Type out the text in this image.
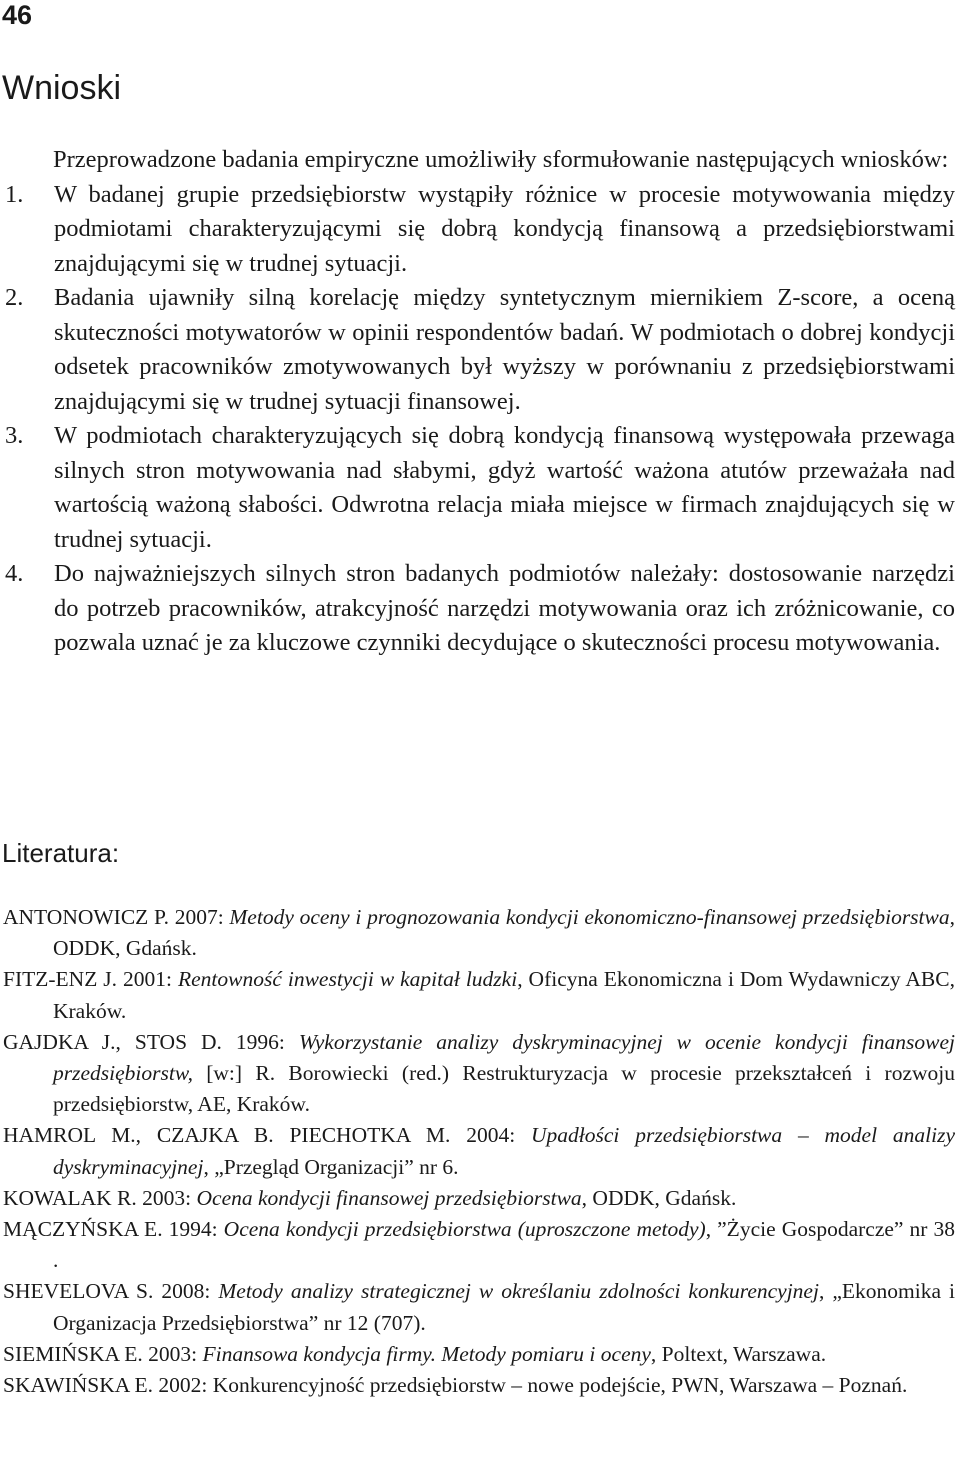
46
Wnioski

Przeprowadzone badania empiryczne umożliwiły sformułowanie następujących wniosków:

1. W badanej grupie przedsiębiorstw wystąpiły różnice w procesie motywowania między podmiotami charakteryzującymi się dobrą kondycją finansową a przedsiębiorstwami znajdującymi się w trudnej sytuacji.

2. Badania ujawniły silną korelację między syntetycznym miernikiem Z-score, a oceną skuteczności motywatorów w opinii respondentów badań. W podmiotach o dobrej kondycji odsetek pracowników zmotywowanych był wyższy w porównaniu z przedsiębiorstwami znajdującymi się w trudnej sytuacji finansowej.

3. W podmiotach charakteryzujących się dobrą kondycją finansową występowała przewaga silnych stron motywowania nad słabymi, gdyż wartość ważona atutów przeważała nad wartością ważoną słabości. Odwrotna relacja miała miejsce w firmach znajdujących się w trudnej sytuacji.

4. Do najważniejszych silnych stron badanych podmiotów należały: dostosowanie narzędzi do potrzeb pracowników, atrakcyjność narzędzi motywowania oraz ich zróżnicowanie, co pozwala uznać je za kluczowe czynniki decydujące o skuteczności procesu motywowania.

Literatura:

ANTONOWICZ P. 2007: Metody oceny i prognozowania kondycji ekonomiczno-finansowej przedsiębiorstwa, ODDK, Gdańsk.

FITZ-ENZ J. 2001: Rentowność inwestycji w kapitał ludzki, Oficyna Ekonomiczna i Dom Wydawniczy ABC, Kraków.

GAJDKA J., STOS D. 1996: Wykorzystanie analizy dyskryminacyjnej w ocenie kondycji finansowej przedsiębiorstw, [w:] R. Borowiecki (red.) Restrukturyzacja w procesie przekształceń i rozwoju przedsiębiorstw, AE, Kraków.

HAMROL M., CZAJKA B. PIECHOTKA M. 2004: Upadłości przedsiębiorstwa – model analizy dyskryminacyjnej, „Przegląd Organizacji” nr 6.

KOWALAK R. 2003: Ocena kondycji finansowej przedsiębiorstwa, ODDK, Gdańsk.

MĄCZYŃSKA E. 1994: Ocena kondycji przedsiębiorstwa (uproszczone metody), ”Życie Gospodarcze” nr 38 .

SHEVELOVA S. 2008: Metody analizy strategicznej w określaniu zdolności konkurencyjnej, „Ekonomika i Organizacja Przedsiębiorstwa” nr 12 (707).

SIEMIŃSKA E. 2003: Finansowa kondycja firmy. Metody pomiaru i oceny, Poltext, Warszawa.

SKAWIŃSKA E. 2002: Konkurencyjność przedsiębiorstw – nowe podejście, PWN, Warszawa – Poznań.
